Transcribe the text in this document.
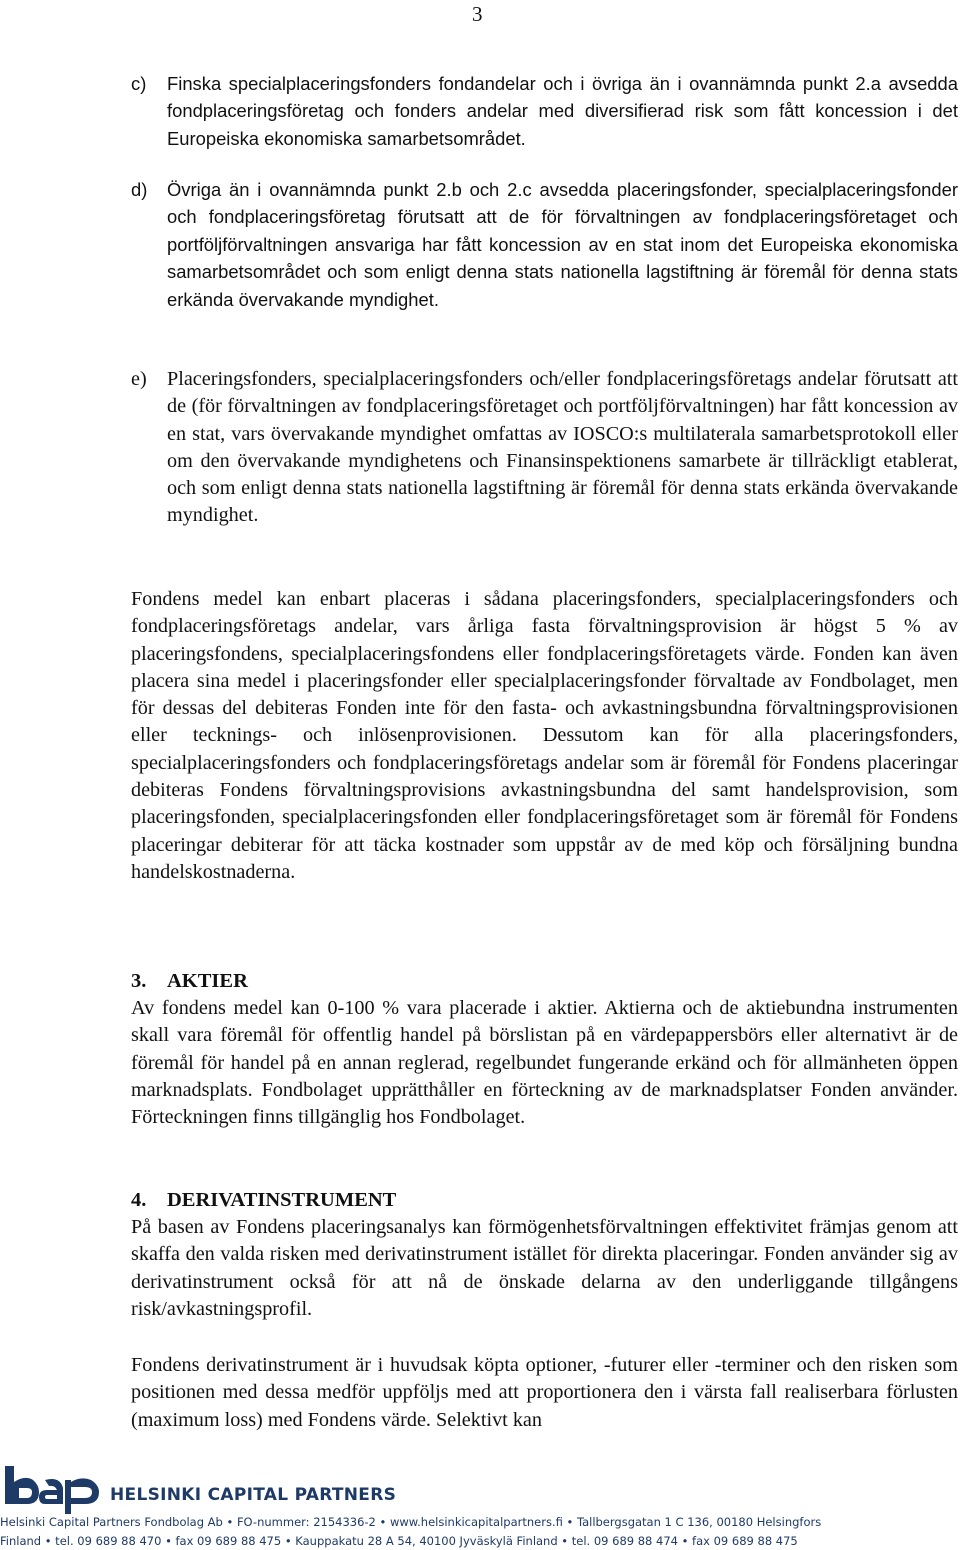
3
c)	Finska specialplaceringsfonders fondandelar och i övriga än i ovannämnda punkt 2.a avsedda fondplaceringsföretag och fonders andelar med diversifierad risk som fått koncession i det Europeiska ekonomiska samarbetsområdet.

d)	Övriga än i ovannämnda punkt 2.b och 2.c avsedda placeringsfonder, specialplaceringsfonder och fondplaceringsföretag förutsatt att de för förvaltningen av fondplaceringsföretaget och portföljförvaltningen ansvariga har fått koncession av en stat inom det Europeiska ekonomiska samarbetsområdet och som enligt denna stats nationella lagstiftning är föremål för denna stats erkända övervakande myndighet.

e)	Placeringsfonders, specialplaceringsfonders och/eller fondplaceringsföretags andelar förutsatt att de (för förvaltningen av fondplaceringsföretaget och portföljförvaltningen) har fått koncession av en stat, vars övervakande myndighet omfattas av IOSCO:s multilaterala samarbetsprotokoll eller om den övervakande myndighetens och Finansinspektionens samarbete är tillräckligt etablerat, och som enligt denna stats nationella lagstiftning är föremål för denna stats erkända övervakande myndighet.

Fondens medel kan enbart placeras i sådana placeringsfonders, specialplaceringsfonders och fondplaceringsföretags andelar, vars årliga fasta förvaltningsprovision är högst 5 % av placeringsfondens, specialplaceringsfondens eller fondplaceringsföretagets värde. Fonden kan även placera sina medel i placeringsfonder eller specialplaceringsfonder förvaltade av Fondbolaget, men för dessas del debiteras Fonden inte för den fasta- och avkastningsbundna förvaltningsprovisionen eller tecknings- och inlösenprovisionen. Dessutom kan för alla placeringsfonders, specialplaceringsfonders och fondplaceringsföretags andelar som är föremål för Fondens placeringar debiteras Fondens förvaltningsprovisions avkastningsbundna del samt handelsprovision, som placeringsfonden, specialplaceringsfonden eller fondplaceringsföretaget som är föremål för Fondens placeringar debiterar för att täcka kostnader som uppstår av de med köp och försäljning bundna handelskostnaderna.

3. AKTIER

Av fondens medel kan 0-100 % vara placerade i aktier. Aktierna och de aktiebundna instrumenten skall vara föremål för offentlig handel på börslistan på en värdepappersbörs eller alternativt är de föremål för handel på en annan reglerad, regelbundet fungerande erkänd och för allmänheten öppen marknadsplats. Fondbolaget upprätthåller en förteckning av de marknadsplatser Fonden använder. Förteckningen finns tillgänglig hos Fondbolaget.

4. DERIVATINSTRUMENT

På basen av Fondens placeringsanalys kan förmögenhetsförvaltningen effektivitet främjas genom att skaffa den valda risken med derivatinstrument istället för direkta placeringar. Fonden använder sig av derivatinstrument också för att nå de önskade delarna av den underliggande tillgångens risk/avkastningsprofil.

Fondens derivatinstrument är i huvudsak köpta optioner, -futurer eller -terminer och den risken som positionen med dessa medför uppföljs med att proportionera den i värsta fall realiserbara förlusten (maximum loss) med Fondens värde. Selektivt kan

HELSINKI CAPITAL PARTNERS
Helsinki Capital Partners Fondbolag Ab • FO-nummer: 2154336-2 • www.helsinkicapitalpartners.fi • Tallbergsgatan 1 C 136, 00180 Helsingfors
Finland • tel. 09 689 88 470 • fax 09 689 88 475 • Kauppakatu 28 A 54, 40100 Jyväskylä Finland • tel. 09 689 88 474 • fax 09 689 88 475
